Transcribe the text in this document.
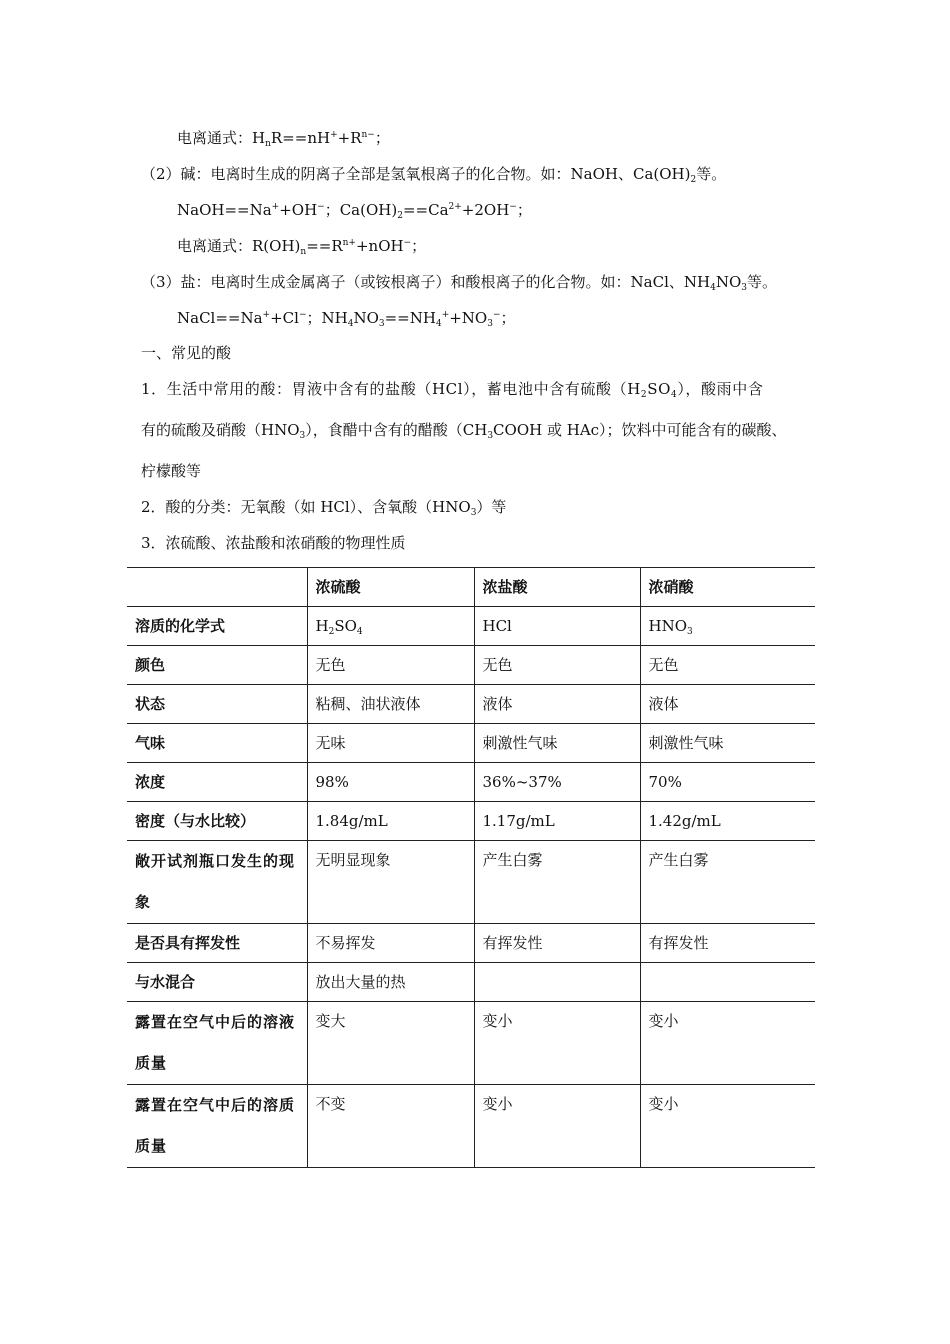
电离通式：$H_nR==nH^++R^{n-}$；
（2）碱：电离时生成的阴离子全部是氢氧根离子的化合物。如：NaOH、$Ca(OH)_2$等。
NaOH==Na++OH−；$Ca(OH)_2==Ca^{2+}+2OH^-$；
电离通式：$R(OH)_n==R^{n+}+nOH^-$；
（3）盐：电离时生成金属离子（或铵根离子）和酸根离子的化合物。如：NaCl、$NH_4NO_3$等。
NaCl==Na++Cl−；$NH_4NO_3==NH_4^++NO_3^-$；
一、常见的酸
1．生活中常用的酸：胃液中含有的盐酸（HCl），蓄电池中含有硫酸$(H_2SO_4)$，酸雨中含
有的硫酸及硝酸$(HNO_3)$，食醋中含有的醋酸（$CH_3COOH$ 或 HAc）；饮料中可能含有的碳酸、
柠檬酸等
2．酸的分类：无氧酸（如 HCl）、含氧酸$(HNO_3)$等
3．浓硫酸、浓盐酸和浓硝酸的物理性质
	浓硫酸	浓盐酸	浓硝酸
溶质的化学式	$H_2SO_4$	HCl	$HNO_3$
颜色	无色	无色	无色
状态	粘稠、油状液体	液体	液体
气味	无味	刺激性气味	刺激性气味
浓度	98%	36%~37%	70%
密度（与水比较）	1.84g/mL	1.17g/mL	1.42g/mL
敞开试剂瓶口发生的现象	无明显现象	产生白雾	产生白雾
是否具有挥发性	不易挥发	有挥发性	有挥发性
与水混合	放出大量的热		
露置在空气中后的溶液质量	变大	变小	变小
露置在空气中后的溶质质量	不变	变小	变小
